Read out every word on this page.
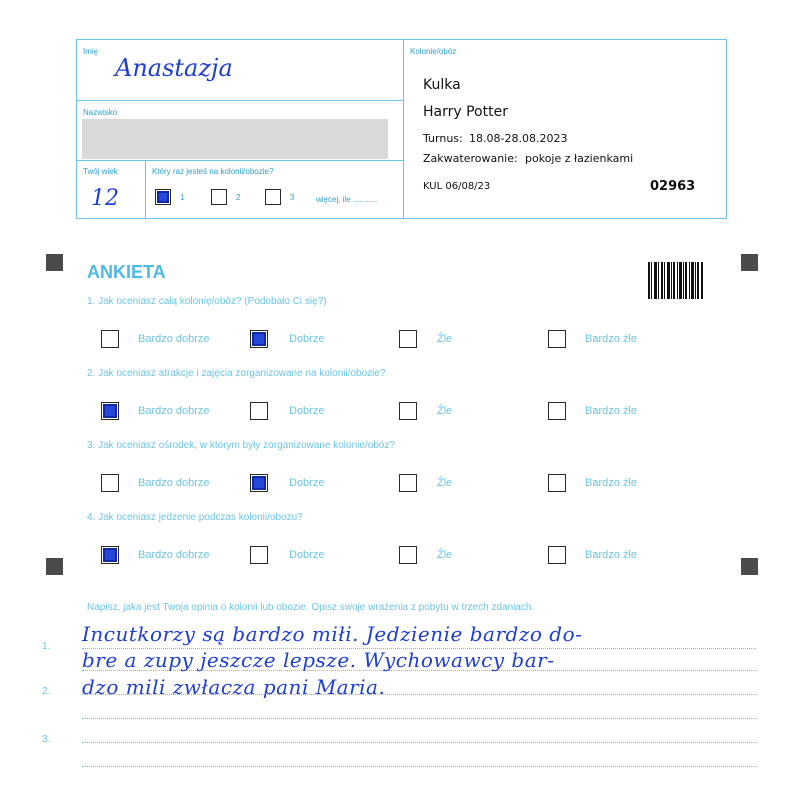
Imię
Anastazja
Nazwisko
Twój wiek
12
Który raz jesteś na kolonii/obozie?
1	2	3	więcej, ile ...........
Kolonie/obóz
Kulka
Harry Potter
Turnus: 18.08-28.08.2023
Zakwaterowanie: pokoje z łazienkami
KUL 06/08/23	02963
ANKIETA
1. Jak oceniasz całą kolonię/obóz? (Podobało Ci się?)
Bardzo dobrze	Dobrze	Źle	Bardzo źle
2. Jak oceniasz atrakcje i zajęcia zorganizowane na kolonii/obozie?
Bardzo dobrze	Dobrze	Źle	Bardzo źle
3. Jak oceniasz ośrodek, w którym były zorganizowane kolonie/obóz?
Bardzo dobrze	Dobrze	Źle	Bardzo źle
4. Jak oceniasz jedzenie podczas kolonii/obozu?
Bardzo dobrze	Dobrze	Źle	Bardzo źle
Napisz, jaka jest Twoja opinia o kolonii lub obozie. Opisz swoje wrażenia z pobytu w trzech zdaniach.
1.
2.
3.
Incutkorzy są bardzo miłi. Jedzienie bardzo do-
bre a zupy jeszcze lepsze. Wychowawcy bar-
dzo mili zwłacza pani Maria.
